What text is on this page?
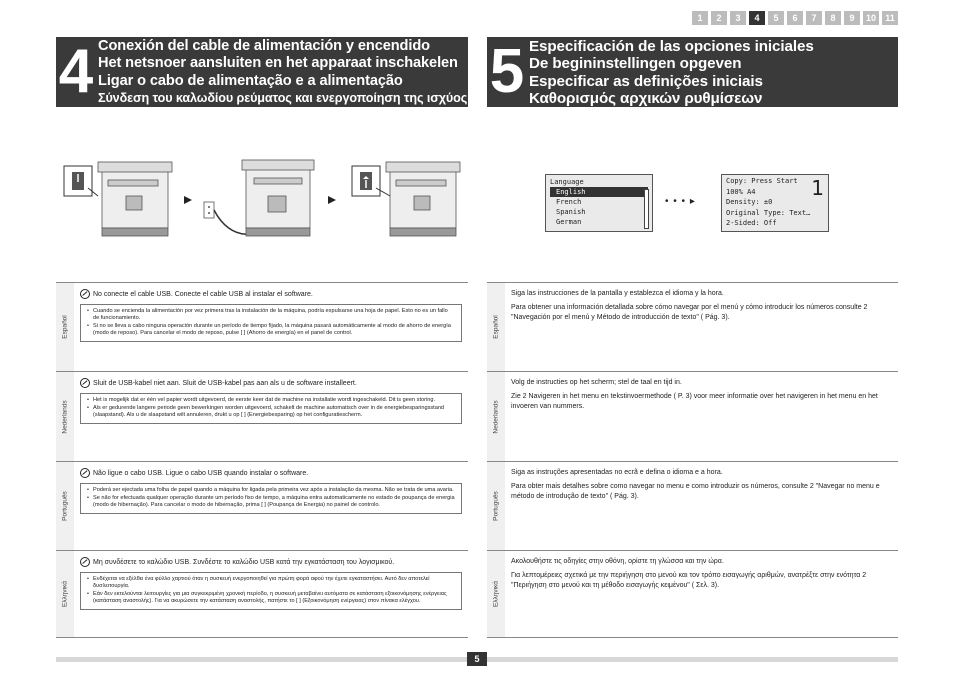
1	2	3	4	5	6	7	8	9	10	11
4 Conexión del cable de alimentación y encendido
Het netsnoer aansluiten en het apparaat inschakelen
Ligar o cabo de alimentação e a alimentação
Σύνδεση του καλωδίου ρεύματος και ενεργοποίηση της ισχύος 5 Especificación de las opciones iniciales
De begininstellingen opgeven
Especificar as definições iniciais
Καθορισμός αρχικών ρυθμίσεων
Language
English
French
Spanish
German
• • • ▸
Copy: Press Start
100% A4
Density: ±0
Original Type: Text…
2-Sided: Off
1
Español
No conecte el cable USB. Conecte el cable USB al instalar el software.
• Cuando se encienda la alimentación por vez primera tras la instalación de la máquina, podría expulsarse una hoja de papel. Esto no es un fallo de funcionamiento.
• Si no se lleva a cabo ninguna operación durante un período de tiempo fijado, la máquina pasará automáticamente al modo de ahorro de energía (modo de reposo). Para cancelar el modo de reposo, pulse [ ] (Ahorro de energía) en el panel de control.
Nederlands
Sluit de USB-kabel niet aan. Sluit de USB-kabel pas aan als u de software installeert.
• Het is mogelijk dat er één vel papier wordt uitgevoerd, de eerste keer dat de machine na installatie wordt ingeschakeld. Dit is geen storing.
• Als er gedurende langere periode geen bewerkingen worden uitgevoerd, schakelt de machine automatisch over in de energiebesparingsstand (slaapstand). Als u de slaapstand wilt annuleren, drukt u op [ ] (Energiebesparing) op het configuratiescherm.
Português
Não ligue o cabo USB. Ligue o cabo USB quando instalar o software.
• Poderá ser ejectada uma folha de papel quando a máquina for ligada pela primeira vez após a instalação da mesma. Não se trata de uma avaria.
• Se não for efectuada qualquer operação durante um período fixo de tempo, a máquina entra automaticamente no estado de poupança de energia (modo de hibernação). Para cancelar o modo de hibernação, prima [ ] (Poupança de Energia) no painel de controlo.
Ελληνικά
Μη συνδέσετε το καλώδιο USB. Συνδέστε το καλώδιο USB κατά την εγκατάσταση του λογισμικού.
• Ενδέχεται να εξέλθει ένα φύλλο χαρτιού όταν η συσκευή ενεργοποιηθεί για πρώτη φορά αφού την έχετε εγκαταστήσει. Αυτό δεν αποτελεί δυσλειτουργία.
• Εάν δεν εκτελούνται λειτουργίες για μια συγκεκριμένη χρονική περίοδο, η συσκευή μεταβαίνει αυτόματα σε κατάσταση εξοικονόμησης ενέργειας (κατάσταση αναστολής). Για να ακυρώσετε την κατάσταση αναστολής, πατήστε το [ ] (Εξοικονόμηση ενέργειας) στον πίνακα ελέγχου.
Español
Siga las instrucciones de la pantalla y establezca el idioma y la hora.
Para obtener una información detallada sobre cómo navegar por el menú y cómo introducir los números consulte 2 "Navegación por el menú y Método de introducción de texto" ( Pág. 3).
Nederlands
Volg de instructies op het scherm; stel de taal en tijd in.
Zie 2 Navigeren in het menu en tekstinvoermethode ( P. 3) voor meer informatie over het navigeren in het menu en het invoeren van nummers.
Português
Siga as instruções apresentadas no ecrã e defina o idioma e a hora.
Para obter mais detalhes sobre como navegar no menu e como introduzir os números, consulte 2 "Navegar no menu e método de introdução de texto" ( Pág. 3).
Ελληνικά
Ακολουθήστε τις οδηγίες στην οθόνη, ορίστε τη γλώσσα και την ώρα.
Για λεπτομέρειες σχετικά με την περιήγηση στο μενού και τον τρόπο εισαγωγής αριθμών, ανατρέξτε στην ενότητα 2 "Περιήγηση στο μενού και τη μέθοδο εισαγωγής κειμένου" ( Σελ. 3).
5
